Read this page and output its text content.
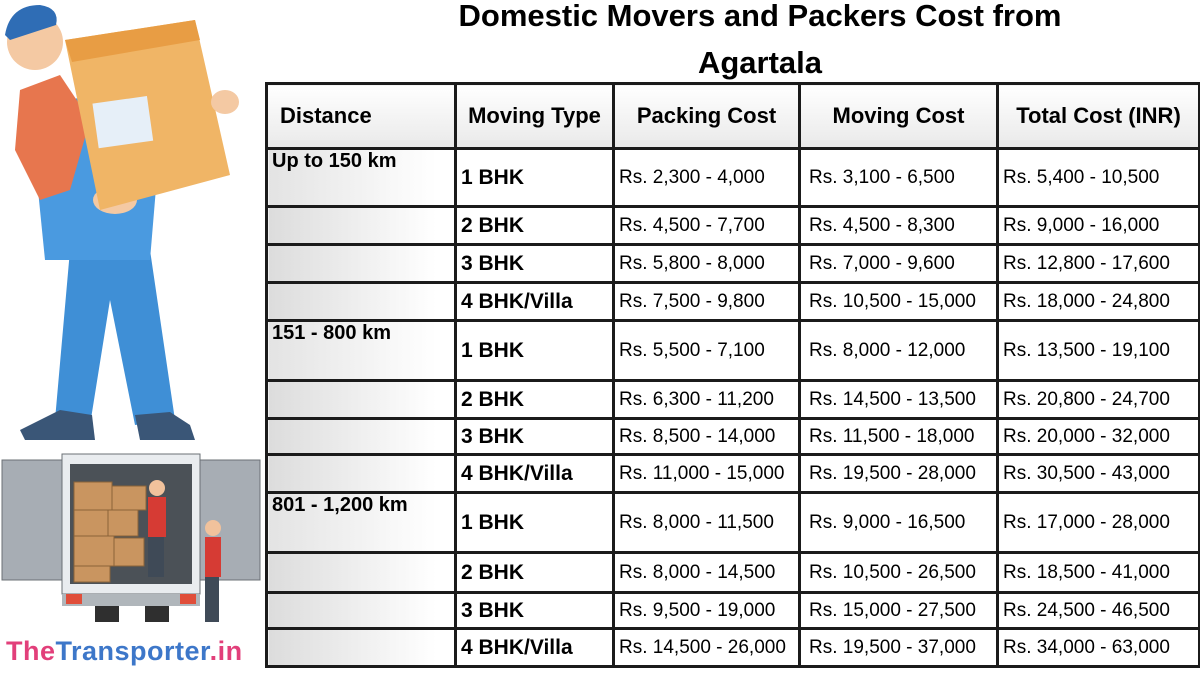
Domestic Movers and Packers Cost from
Agartala
TheTransporter.in
Distance	Moving Type	Packing Cost	Moving Cost	Total Cost (INR)
Up to 150 km	1 BHK	Rs. 2,300 - 4,000	Rs. 3,100 - 6,500	Rs. 5,400 - 10,500
	2 BHK	Rs. 4,500 - 7,700	Rs. 4,500 - 8,300	Rs. 9,000 - 16,000
	3 BHK	Rs. 5,800 - 8,000	Rs. 7,000 - 9,600	Rs. 12,800 - 17,600
	4 BHK/Villa	Rs. 7,500 - 9,800	Rs. 10,500 - 15,000	Rs. 18,000 - 24,800
151 - 800 km	1 BHK	Rs. 5,500 - 7,100	Rs. 8,000 - 12,000	Rs. 13,500 - 19,100
	2 BHK	Rs. 6,300 - 11,200	Rs. 14,500 - 13,500	Rs. 20,800 - 24,700
	3 BHK	Rs. 8,500 - 14,000	Rs. 11,500 - 18,000	Rs. 20,000 - 32,000
	4 BHK/Villa	Rs. 11,000 - 15,000	Rs. 19,500 - 28,000	Rs. 30,500 - 43,000
801 - 1,200 km	1 BHK	Rs. 8,000 - 11,500	Rs. 9,000 - 16,500	Rs. 17,000 - 28,000
	2 BHK	Rs. 8,000 - 14,500	Rs. 10,500 - 26,500	Rs. 18,500 - 41,000
	3 BHK	Rs. 9,500 - 19,000	Rs. 15,000 - 27,500	Rs. 24,500 - 46,500
	4 BHK/Villa	Rs. 14,500 - 26,000	Rs. 19,500 - 37,000	Rs. 34,000 - 63,000
